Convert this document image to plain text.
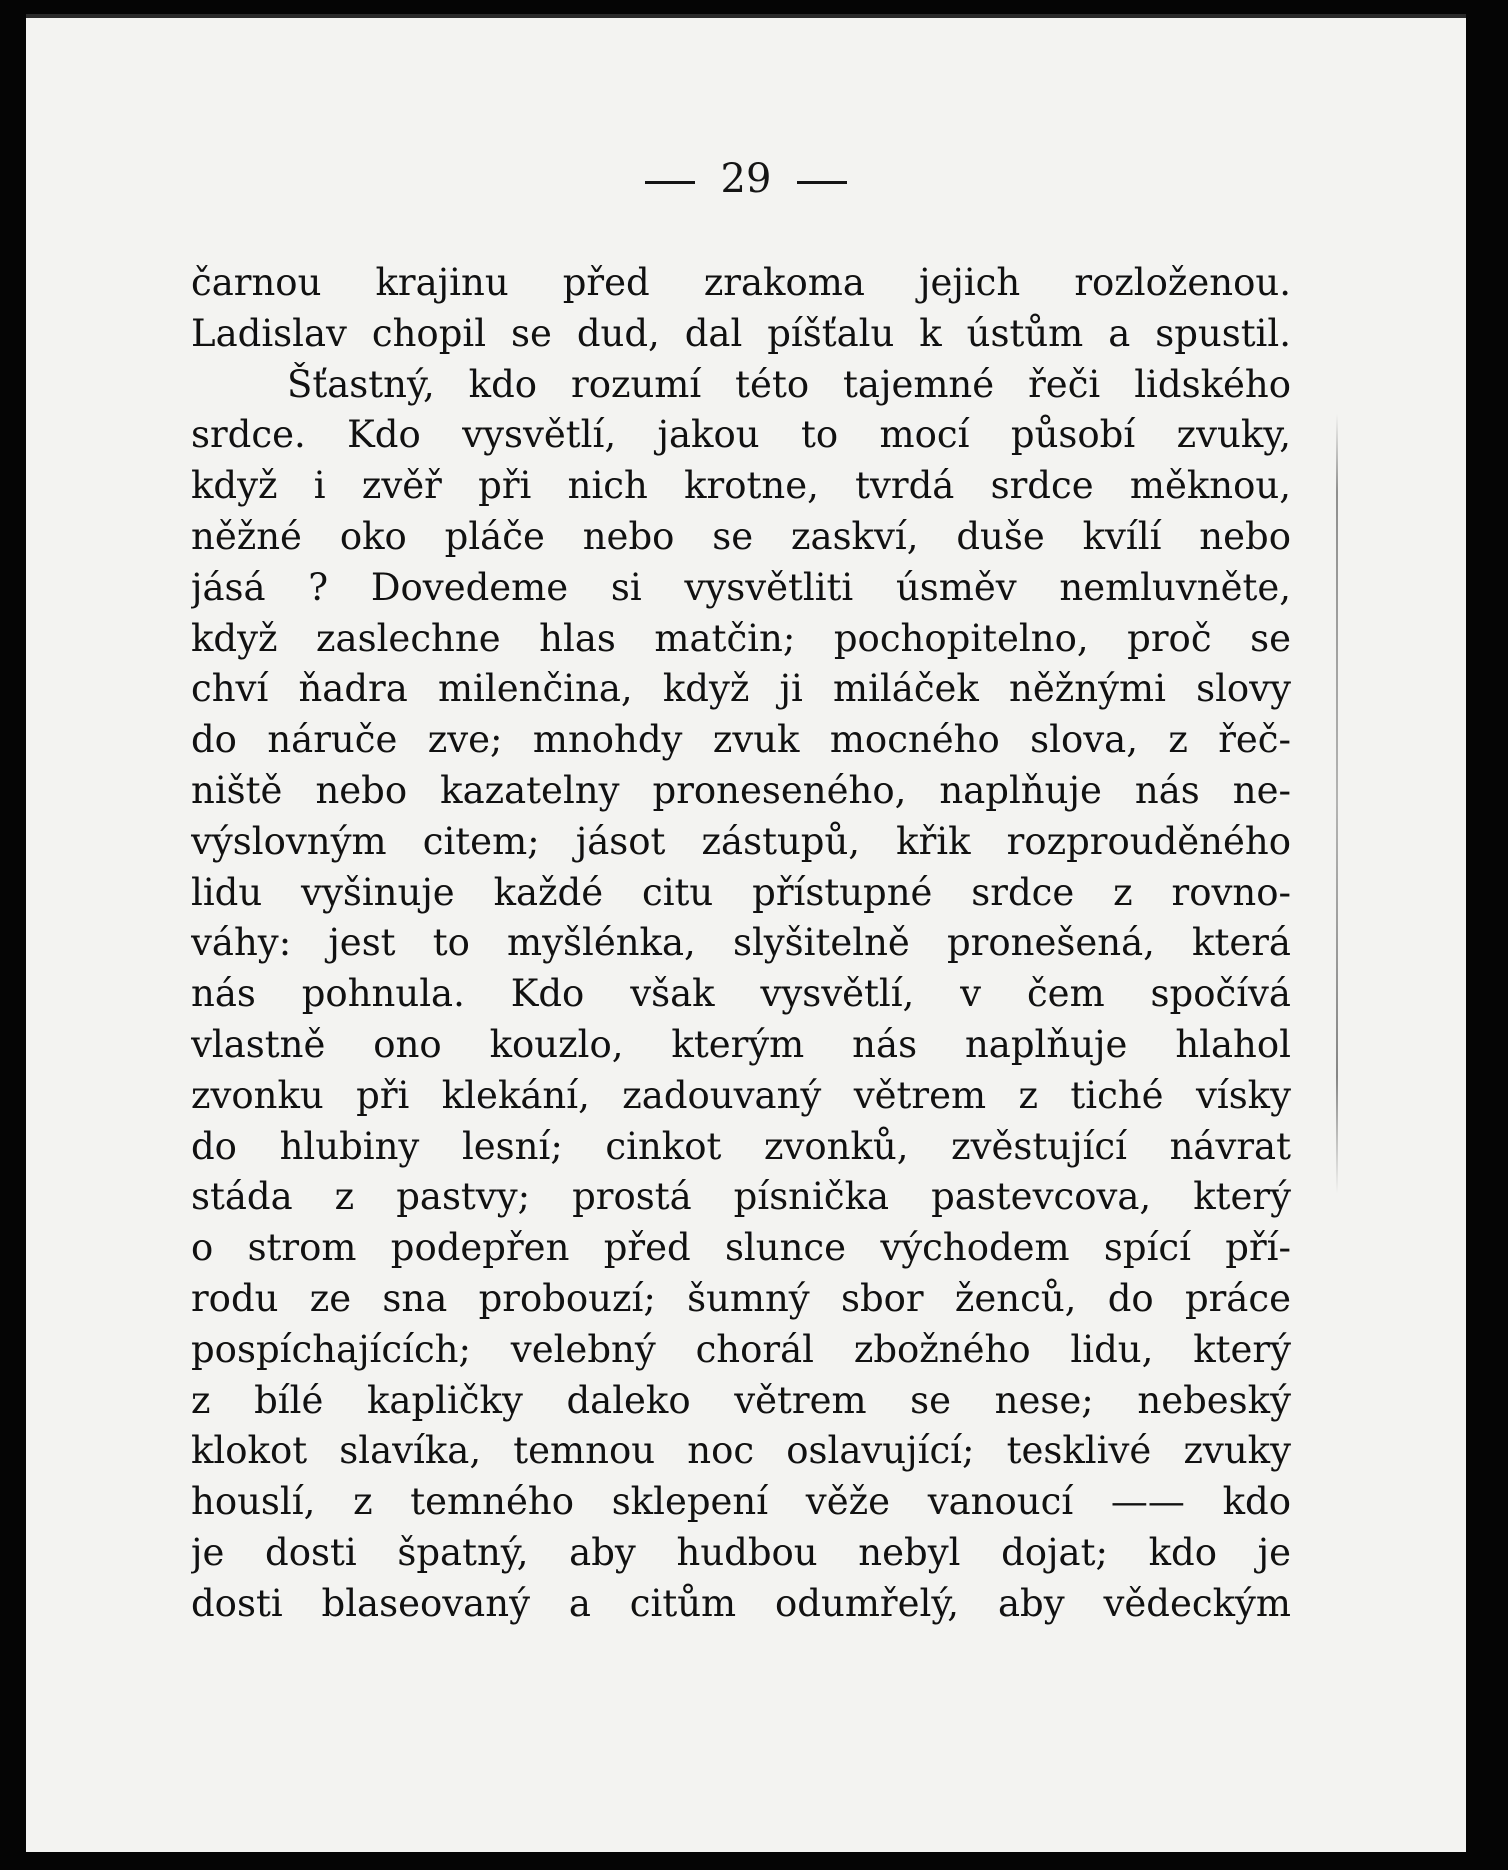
29
čarnou krajinu před zrakoma jejich rozloženou.
Ladislav chopil se dud, dal píšťalu k ústům a spustil.
Šťastný, kdo rozumí této tajemné řeči lidského
srdce. Kdo vysvětlí, jakou to mocí působí zvuky,
když i zvěř při nich krotne, tvrdá srdce měknou,
něžné oko pláče nebo se zaskví, duše kvílí nebo
jásá ? Dovedeme si vysvětliti úsměv nemluvněte,
když zaslechne hlas matčin; pochopitelno, proč se
chví ňadra milenčina, když ji miláček něžnými slovy
do náruče zve; mnohdy zvuk mocného slova, z řeč-
niště nebo kazatelny proneseného, naplňuje nás ne-
výslovným citem; jásot zástupů, křik rozprouděného
lidu vyšinuje každé citu přístupné srdce z rovno-
váhy: jest to myšlénka, slyšitelně pronešená, která
nás pohnula. Kdo však vysvětlí, v čem spočívá
vlastně ono kouzlo, kterým nás naplňuje hlahol
zvonku při klekání, zadouvaný větrem z tiché vísky
do hlubiny lesní; cinkot zvonků, zvěstující návrat
stáda z pastvy; prostá písnička pastevcova, který
o strom podepřen před slunce východem spící pří-
rodu ze sna probouzí; šumný sbor ženců, do práce
pospíchajících; velebný chorál zbožného lidu, který
z bílé kapličky daleko větrem se nese; nebeský
klokot slavíka, temnou noc oslavující; tesklivé zvuky
houslí, z temného sklepení věže vanoucí —— kdo
je dosti špatný, aby hudbou nebyl dojat; kdo je
dosti blaseovaný a citům odumřelý, aby vědeckým
